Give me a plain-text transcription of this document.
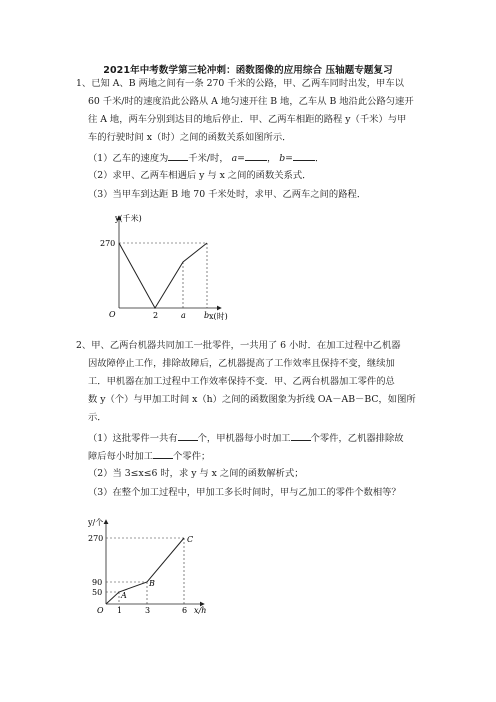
2021年中考数学第三轮冲刺：函数图像的应用综合 压轴题专题复习
1、已知 A、B 两地之间有一条 270 千米的公路，甲、乙两车同时出发，甲车以
60 千米/时的速度沿此公路从 A 地匀速开往 B 地，乙车从 B 地沿此公路匀速开
往 A 地，两车分别到达目的地后停止．甲、乙两车相距的路程 y（千米）与甲
车的行驶时间 x（时）之间的函数关系如图所示．
（1）乙车的速度为 千米/时， a= ， b= ．
（2）求甲、乙两车相遇后 y 与 x 之间的函数关系式．
（3）当甲车到达距 B 地 70 千米处时，求甲、乙两车之间的路程．
y(千米)
270
O	2	a b x(时)
2、甲、乙两台机器共同加工一批零件，一共用了 6 小时．在加工过程中乙机器
因故障停止工作，排除故障后，乙机器提高了工作效率且保持不变，继续加
工．甲机器在加工过程中工作效率保持不变．甲、乙两台机器加工零件的总
数 y（个）与甲加工时间 x（h）之间的函数图象为折线 OA－AB－BC，如图所
示．
（1）这批零件一共有 个，甲机器每小时加工 个零件，乙机器排除故
障后每小时加工 个零件；
（2）当 3≤x≤6 时，求 y 与 x 之间的函数解析式；
（3）在整个加工过程中，甲加工多长时间时，甲与乙加工的零件个数相等？
y/个
270
90
50
O 1	3	6 x/h
A
B
C
